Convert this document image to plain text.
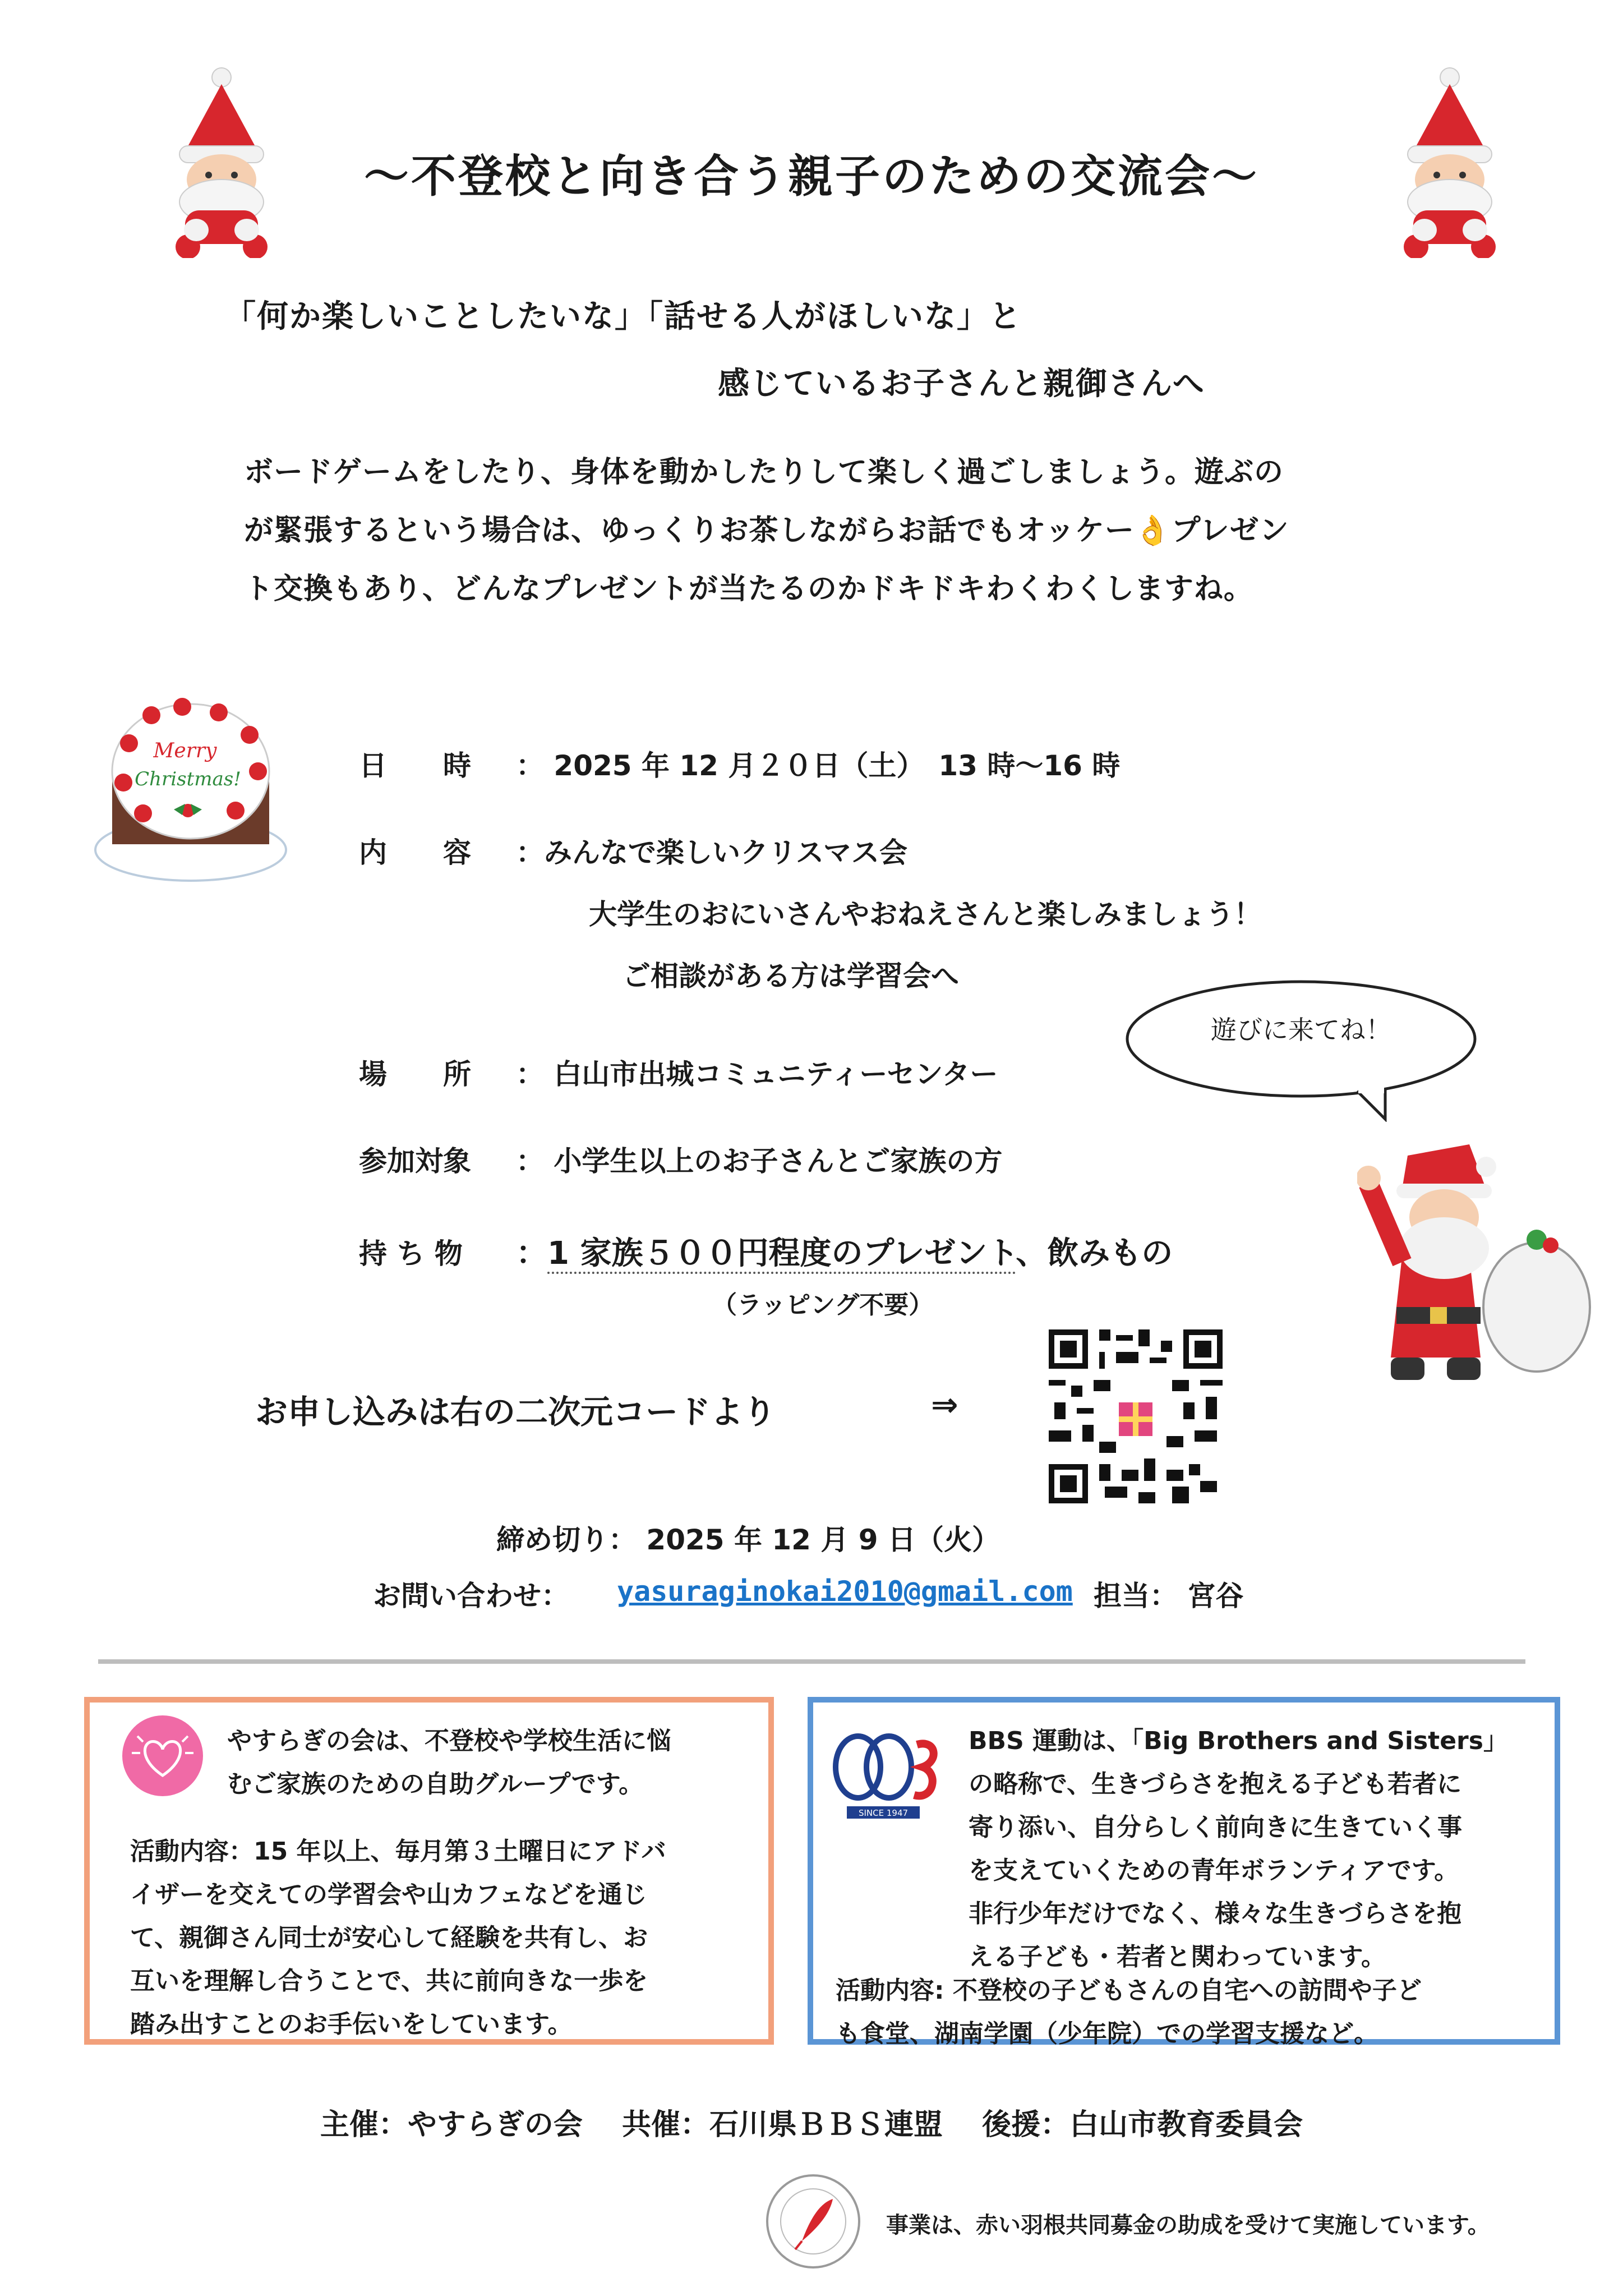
〜不登校と向き合う親子のための交流会〜
「何か楽しいことしたいな」「話せる人がほしいな」と
感じているお子さんと親御さんへ
ボードゲームをしたり、身体を動かしたりして楽しく過ごしましょう。遊ぶの
が緊張するという場合は、ゆっくりお茶しながらお話でもオッケー👌プレゼン
ト交換もあり、どんなプレゼントが当たるのかドキドキわくわくしますね。
Merry
Christmas!	日　　時 ： 2025 年 12 月２０日（土）　13 時〜16 時
内　　容 ：みんなで楽しいクリスマス会
大学生のおにいさんやおねえさんと楽しみましょう！
ご相談がある方は学習会へ
場　　所 ： 白山市出城コミュニティーセンター
参加対象 ： 小学生以上のお子さんとご家族の方
持 ち 物 ：1 家族５００円程度のプレゼント、飲みもの
（ラッピング不要）
遊びに来てね！
お申し込みは右の二次元コードより	⇒
締め切り： 2025 年 12 月 9 日（火）
お問い合わせ： yasuraginokai2010@gmail.com 担当： 宮谷
やすらぎの会は、不登校や学校生活に悩
むご家族のための自助グループです。
活動内容：15 年以上、毎月第３土曜日にアドバ
イザーを交えての学習会や山カフェなどを通じ
て、親御さん同士が安心して経験を共有し、お
互いを理解し合うことで、共に前向きな一歩を
踏み出すことのお手伝いをしています。
SINCE 1947
BBS 運動は、「Big Brothers and Sisters」
の略称で、生きづらさを抱える子ども若者に
寄り添い、自分らしく前向きに生きていく事
を支えていくための青年ボランティアです。
非行少年だけでなく、様々な生きづらさを抱
える子ども・若者と関わっています。
活動内容: 不登校の子どもさんの自宅への訪問や子ど
も食堂、湖南学園（少年院）での学習支援など。
主催：やすらぎの会　 共催：石川県ＢＢＳ連盟　 後援：白山市教育委員会
事業は、赤い羽根共同募金の助成を受けて実施しています。
